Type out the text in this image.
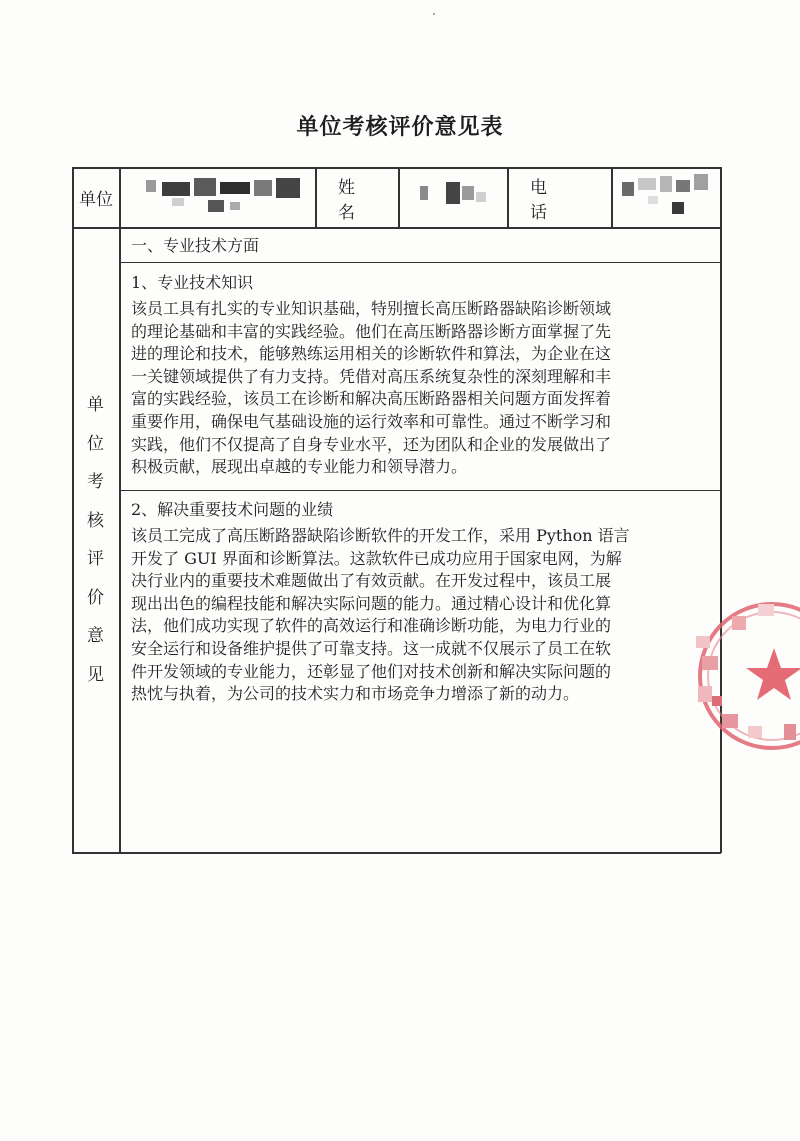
单位考核评价意见表
单位
姓 名
电 话
单
位
考
核
评
价
意
见
一、专业技术方面
1、专业技术知识
该员工具有扎实的专业知识基础，特别擅长高压断路器缺陷诊断领域
的理论基础和丰富的实践经验。他们在高压断路器诊断方面掌握了先
进的理论和技术，能够熟练运用相关的诊断软件和算法，为企业在这
一关键领域提供了有力支持。凭借对高压系统复杂性的深刻理解和丰
富的实践经验，该员工在诊断和解决高压断路器相关问题方面发挥着
重要作用，确保电气基础设施的运行效率和可靠性。通过不断学习和
实践，他们不仅提高了自身专业水平，还为团队和企业的发展做出了
积极贡献，展现出卓越的专业能力和领导潜力。
2、解决重要技术问题的业绩
该员工完成了高压断路器缺陷诊断软件的开发工作，采用 Python 语言
开发了 GUI 界面和诊断算法。这款软件已成功应用于国家电网，为解
决行业内的重要技术难题做出了有效贡献。在开发过程中，该员工展
现出出色的编程技能和解决实际问题的能力。通过精心设计和优化算
法，他们成功实现了软件的高效运行和准确诊断功能，为电力行业的
安全运行和设备维护提供了可靠支持。这一成就不仅展示了员工在软
件开发领域的专业能力，还彰显了他们对技术创新和解决实际问题的
热忱与执着，为公司的技术实力和市场竞争力增添了新的动力。
